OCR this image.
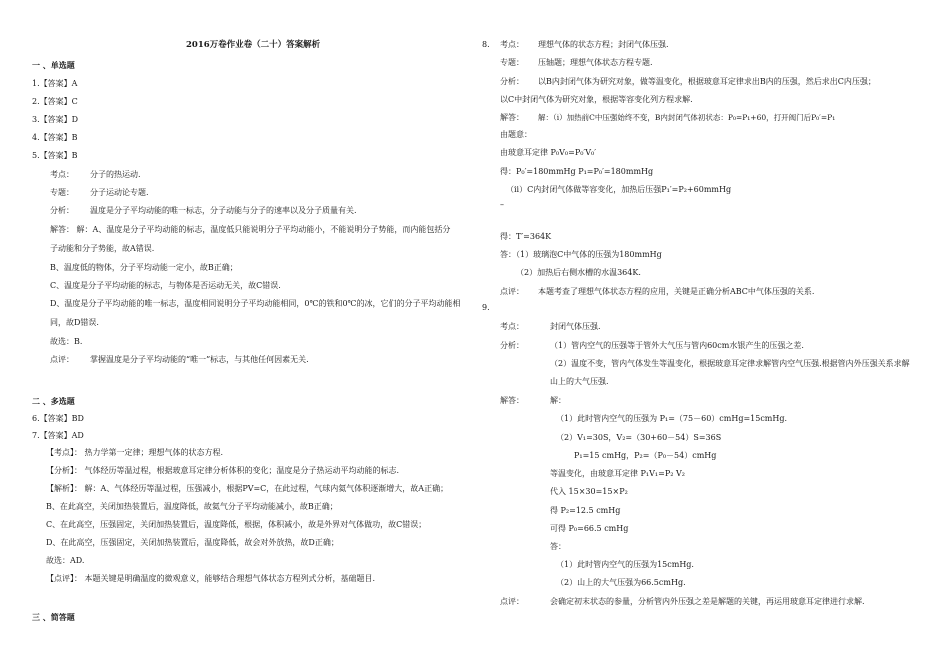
2016万卷作业卷（二十）答案解析
一 、单选题
1.【答案】A
2.【答案】C
3.【答案】D
4.【答案】B
5.【答案】B
考点： 分子的热运动.
专题： 分子运动论专题.
分析： 温度是分子平均动能的唯一标志，分子动能与分子的速率以及分子质量有关.
解答： 解：A、温度是分子平均动能的标志，温度低只能说明分子平均动能小，不能说明分子势能，而内能包括分
子动能和分子势能，故A错误.
B、温度低的物体，分子平均动能一定小，故B正确；
C、温度是分子平均动能的标志，与物体是否运动无关，故C错误.
D、温度是分子平均动能的唯一标志，温度相同说明分子平均动能相同，0℃的铁和0℃的冰，它们的分子平均动能相
同，故D错误.
故选：B.
点评： 掌握温度是分子平均动能的“唯一”标志，与其他任何因素无关.
二 、多选题
6.【答案】BD
7.【答案】AD
【考点】： 热力学第一定律；理想气体的状态方程.
【分析】： 气体经历等温过程，根据玻意耳定律分析体积的变化；温度是分子热运动平均动能的标志.
【解析】： 解：A、气体经历等温过程，压强减小，根据PV=C，在此过程，气球内氦气体积逐渐增大，故A正确；
B、在此高空，关闭加热装置后，温度降低，故氦气分子平均动能减小，故B正确；
C、在此高空，压强固定，关闭加热装置后，温度降低，根据，体积减小，故是外界对气体做功，故C错误；
D、在此高空，压强固定，关闭加热装置后，温度降低，故会对外放热，故D正确；
故选：AD.
【点评】： 本题关键是明确温度的微观意义，能够结合理想气体状态方程列式分析，基础题目.
三 、简答题
8. 考点： 理想气体的状态方程；封闭气体压强.
专题： 压轴题；理想气体状态方程专题.
分析： 以B内封闭气体为研究对象，做等温变化，根据玻意耳定律求出B内的压强，然后求出C内压强；
以C中封闭气体为研究对象，根据等容变化列方程求解.
解答： 解：（i）加热前C中压强始终不变，B内封闭气体初状态：P₀=P₁+60，打开阀门后P₀′=P₁
由题意：
由玻意耳定律 P₀V₀=P₀′V₀′
得：P₀′=180mmHg P₁=P₀′=180mmHg
（ii）C内封闭气体做等容变化，加热后压强P₁′=P₂+60mmHg
–
得：T′=364K
答：（1）玻璃泡C中气体的压强为180mmHg
（2）加热后右侧水槽的水温364K.
点评： 本题考查了理想气体状态方程的应用，关键是正确分析ABC中气体压强的关系.
9.
考点：	封闭气体压强.
分析：	（1）管内空气的压强等于管外大气压与管内60cm水银产生的压强之差.
（2）温度不变，管内气体发生等温变化，根据玻意耳定律求解管内空气压强.根据管内外压强关系求解
山上的大气压强.
解答：	解：
（1）此时管内空气的压强为 P₁=（75－60）cmHg=15cmHg.
（2）V₁=30S，V₂=（30+60－54）S=36S
P₁=15 cmHg，P₂=（P₀－54）cmHg
等温变化，由玻意耳定律 P₁V₁=P₂ V₂
代入 15×30=15×P₂
得 P₂=12.5 cmHg
可得 P₀=66.5 cmHg
答：
（1）此时管内空气的压强为15cmHg.
（2）山上的大气压强为66.5cmHg.
点评：	会确定初末状态的参量，分析管内外压强之差是解题的关键，再运用玻意耳定律进行求解.
